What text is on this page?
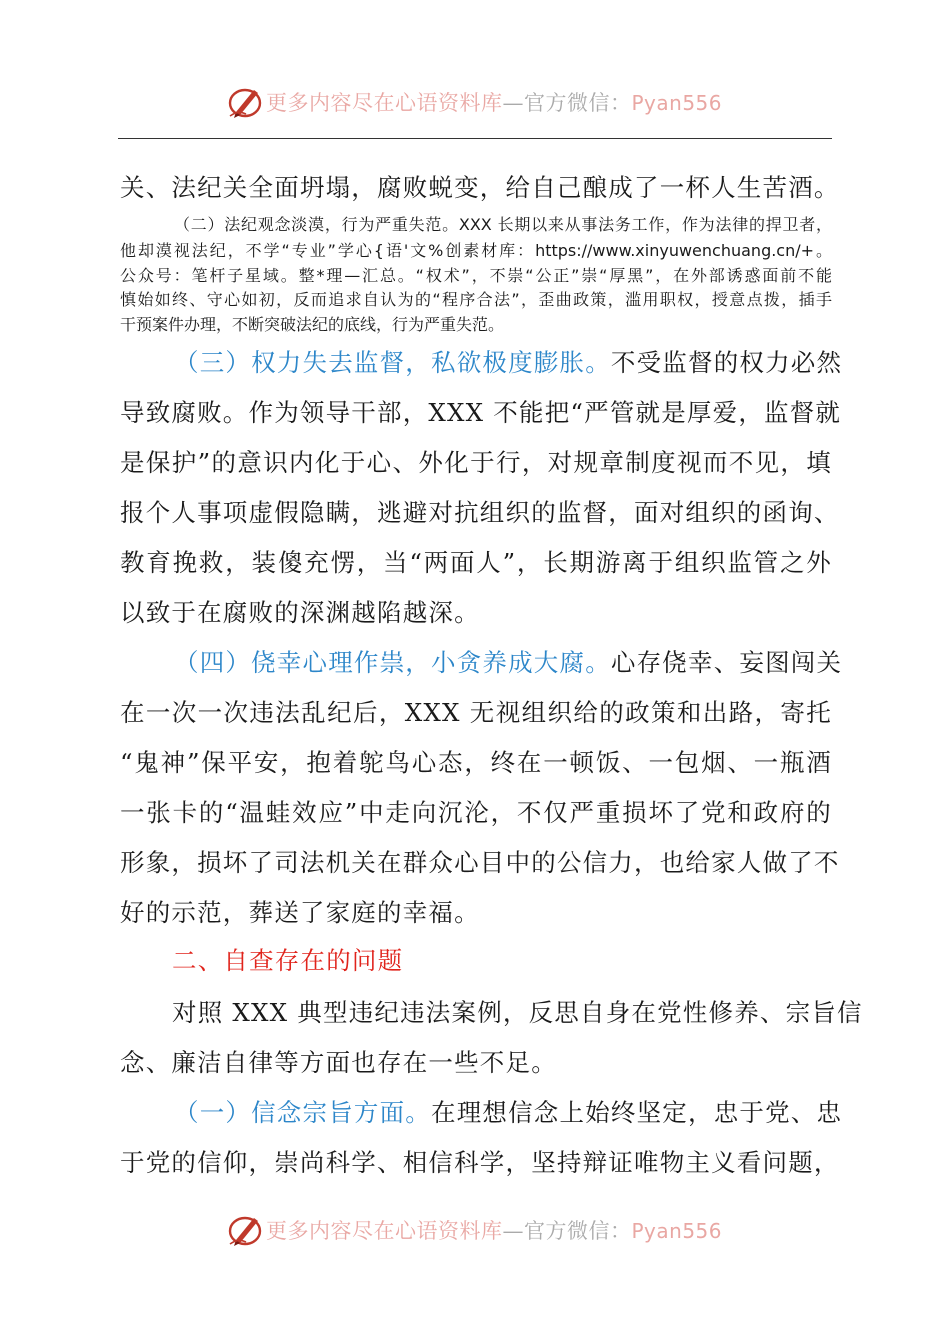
更多内容尽在心语资料库—官方微信：Pyan556
关、法纪关全面坍塌，腐败蜕变，给自己酿成了一杯人生苦酒。
（二）法纪观念淡漠，行为严重失范。XXX 长期以来从事法务工作，作为法律的捍卫者，
他却漠视法纪，不学“专业”学心{语'文%创素材库：https://www.xinyuwenchuang.cn/+。
公众号：笔杆子星域。整*理—汇总。“权术”，不崇“公正”崇“厚黑”，在外部诱惑面前不能
慎始如终、守心如初，反而追求自认为的“程序合法”，歪曲政策，滥用职权，授意点拨，插手
干预案件办理，不断突破法纪的底线，行为严重失范。
（三）权力失去监督，私欲极度膨胀。不受监督的权力必然
导致腐败。作为领导干部，XXX 不能把“严管就是厚爱，监督就
是保护”的意识内化于心、外化于行，对规章制度视而不见，填
报个人事项虚假隐瞒，逃避对抗组织的监督，面对组织的函询、
教育挽救，装傻充愣，当“两面人”，长期游离于组织监管之外
以致于在腐败的深渊越陷越深。
（四）侥幸心理作祟，小贪养成大腐。心存侥幸、妄图闯关
在一次一次违法乱纪后，XXX 无视组织给的政策和出路，寄托
“鬼神”保平安，抱着鸵鸟心态，终在一顿饭、一包烟、一瓶酒
一张卡的“温蛙效应”中走向沉沦，不仅严重损坏了党和政府的
形象，损坏了司法机关在群众心目中的公信力，也给家人做了不
好的示范，葬送了家庭的幸福。
二、自查存在的问题
对照 XXX 典型违纪违法案例，反思自身在党性修养、宗旨信
念、廉洁自律等方面也存在一些不足。
（一）信念宗旨方面。在理想信念上始终坚定，忠于党、忠
于党的信仰，崇尚科学、相信科学，坚持辩证唯物主义看问题，
更多内容尽在心语资料库—官方微信：Pyan556
